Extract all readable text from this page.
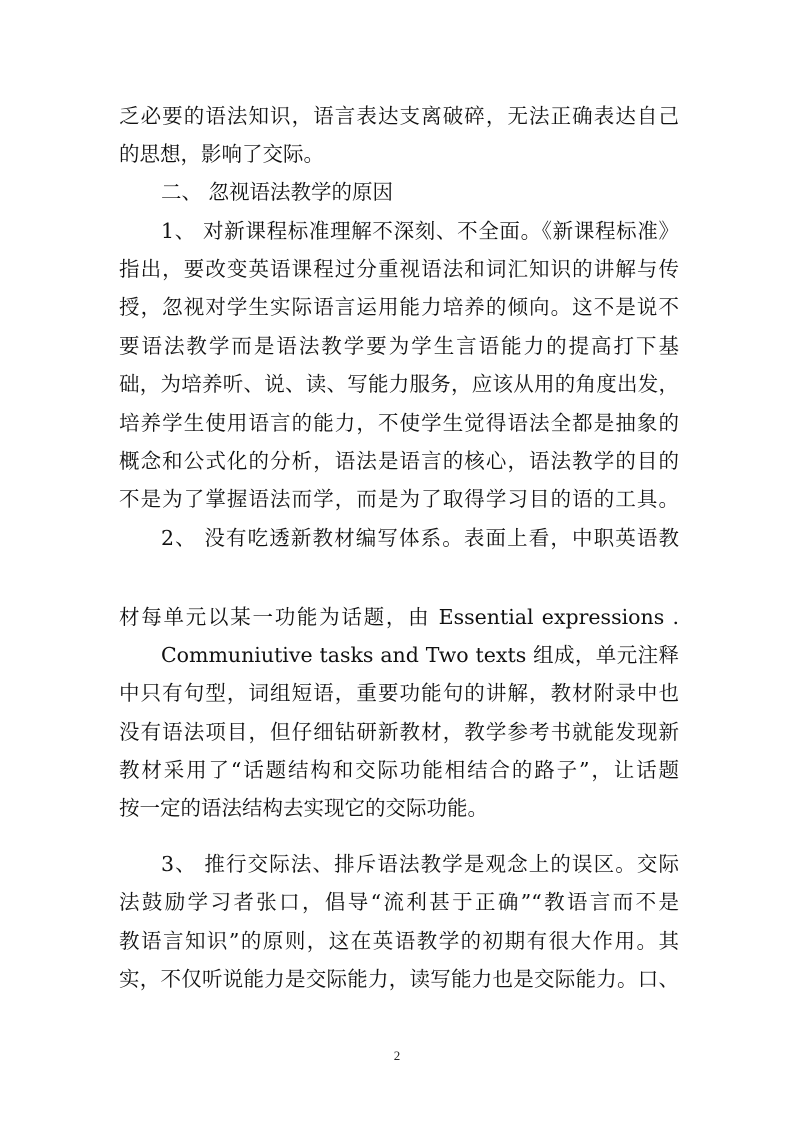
乏必要的语法知识，语言表达支离破碎，无法正确表达自己
的思想，影响了交际。
二、 忽视语法教学的原因
1、 对新课程标准理解不深刻、不全面。《新课程标准》
指出，要改变英语课程过分重视语法和词汇知识的讲解与传
授，忽视对学生实际语言运用能力培养的倾向。这不是说不
要语法教学而是语法教学要为学生言语能力的提高打下基
础，为培养听、说、读、写能力服务，应该从用的角度出发，
培养学生使用语言的能力，不使学生觉得语法全都是抽象的
概念和公式化的分析，语法是语言的核心，语法教学的目的
不是为了掌握语法而学，而是为了取得学习目的语的工具。
2、 没有吃透新教材编写体系。表面上看，中职英语教
材每单元以某一功能为话题，由 Essential expressions .
Communiutive tasks and Two texts 组成，单元注释
中只有句型，词组短语，重要功能句的讲解，教材附录中也
没有语法项目，但仔细钻研新教材，教学参考书就能发现新
教材采用了“话题结构和交际功能相结合的路子”，让话题
按一定的语法结构去实现它的交际功能。
3、 推行交际法、排斥语法教学是观念上的误区。交际
法鼓励学习者张口，倡导“流利甚于正确”“教语言而不是
教语言知识”的原则，这在英语教学的初期有很大作用。其
实，不仅听说能力是交际能力，读写能力也是交际能力。口、
2
